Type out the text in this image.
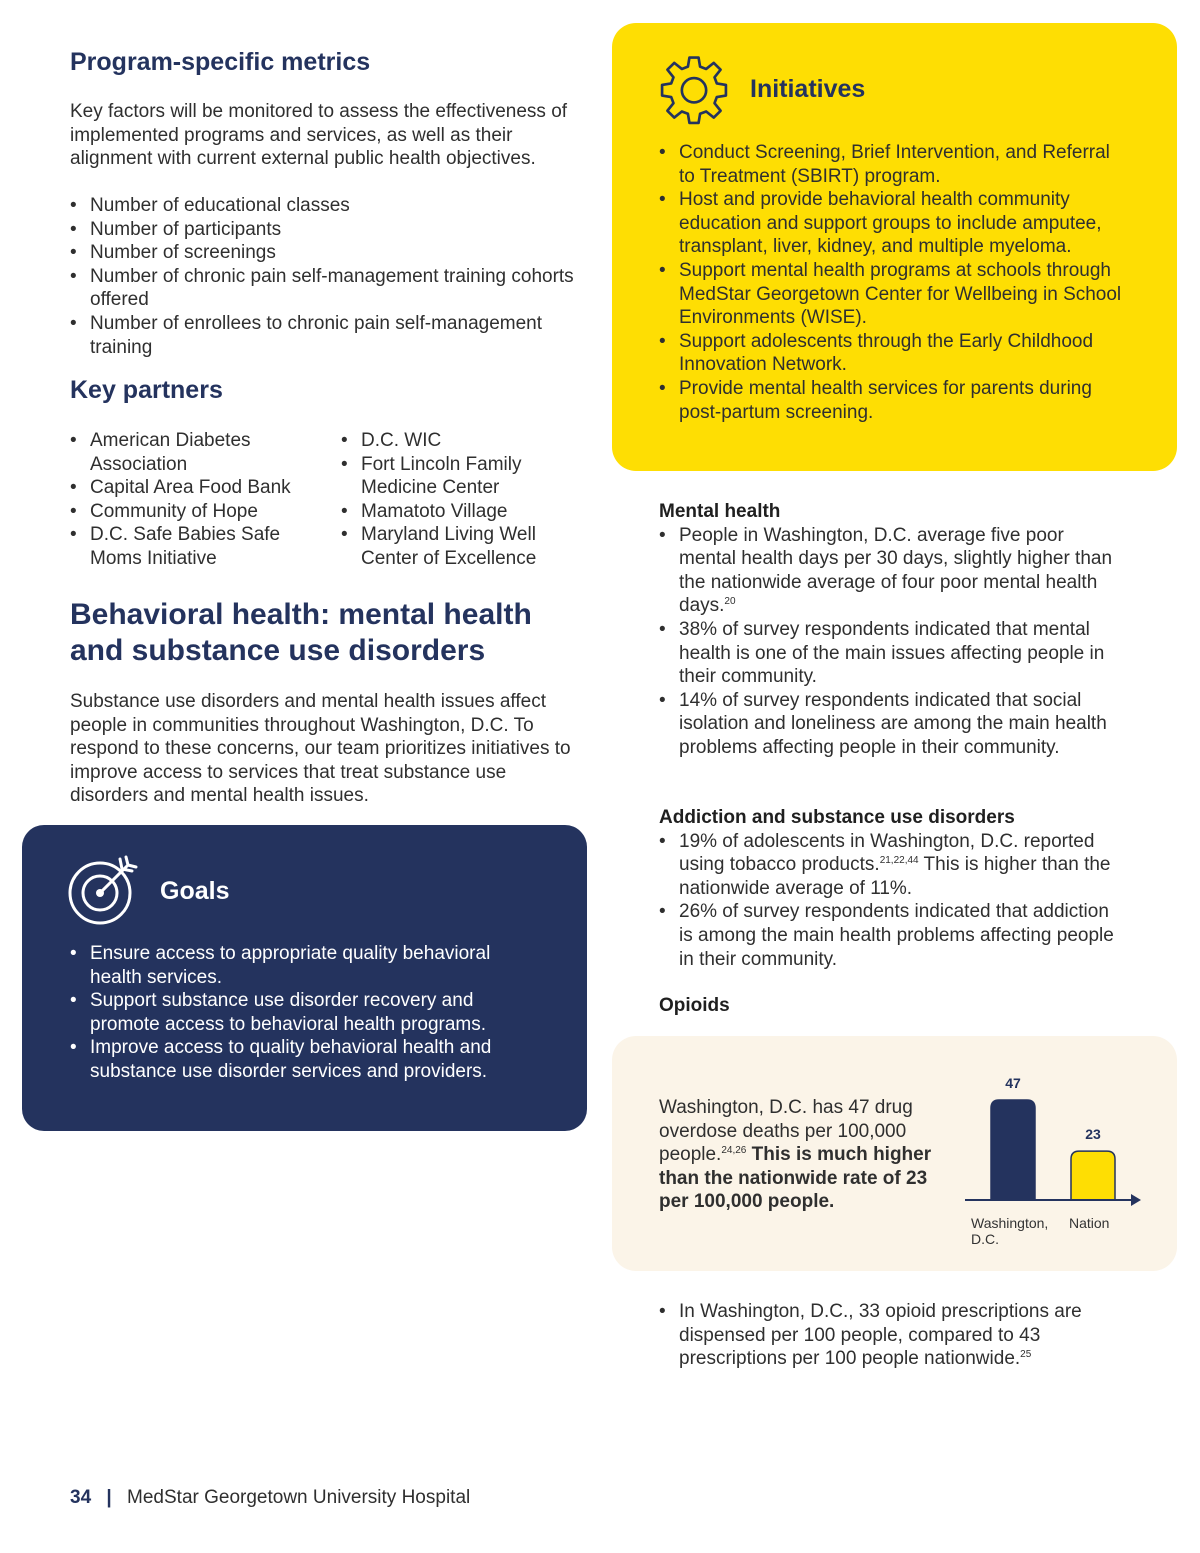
Program-specific metrics

Key factors will be monitored to assess the effectiveness of implemented programs and services, as well as their alignment with current external public health objectives.

• Number of educational classes
• Number of participants
• Number of screenings
• Number of chronic pain self-management training cohorts offered
• Number of enrollees to chronic pain self-management training
Key partners
• American Diabetes Association
• Capital Area Food Bank
• Community of Hope
• D.C. Safe Babies Safe Moms Initiative
• D.C. WIC
• Fort Lincoln Family Medicine Center
• Mamatoto Village
• Maryland Living Well Center of Excellence
Behavioral health: mental health
and substance use disorders

Substance use disorders and mental health issues affect people in communities throughout Washington, D.C. To respond to these concerns, our team prioritizes initiatives to improve access to services that treat substance use disorders and mental health issues.

Goals
• Ensure access to appropriate quality behavioral health services.
• Support substance use disorder recovery and promote access to behavioral health programs.
• Improve access to quality behavioral health and substance use disorder services and providers.
Initiatives
• Conduct Screening, Brief Intervention, and Referral to Treatment (SBIRT) program.
• Host and provide behavioral health community education and support groups to include amputee, transplant, liver, kidney, and multiple myeloma.
• Support mental health programs at schools through MedStar Georgetown Center for Wellbeing in School Environments (WISE).
• Support adolescents through the Early Childhood Innovation Network.
• Provide mental health services for parents during post-partum screening.
Mental health
• People in Washington, D.C. average five poor mental health days per 30 days, slightly higher than the nationwide average of four poor mental health days.$^{20}$
• 38% of survey respondents indicated that mental health is one of the main issues affecting people in their community.
• 14% of survey respondents indicated that social isolation and loneliness are among the main health problems affecting people in their community.
Addiction and substance use disorders
• 19% of adolescents in Washington, D.C. reported using tobacco products.$^{21,22,44}$ This is higher than the nationwide average of 11%.
• 26% of survey respondents indicated that addiction is among the main health problems affecting people in their community.
Opioids

Washington, D.C. has 47 drug overdose deaths per 100,000 people.$^{24,26}$ This is much higher than the nationwide rate of 23 per 100,000 people.

47
23
Washington, D.C.
Nation
• In Washington, D.C., 33 opioid prescriptions are dispensed per 100 people, compared to 43 prescriptions per 100 people nationwide.$^{25}$
34 | MedStar Georgetown University Hospital
